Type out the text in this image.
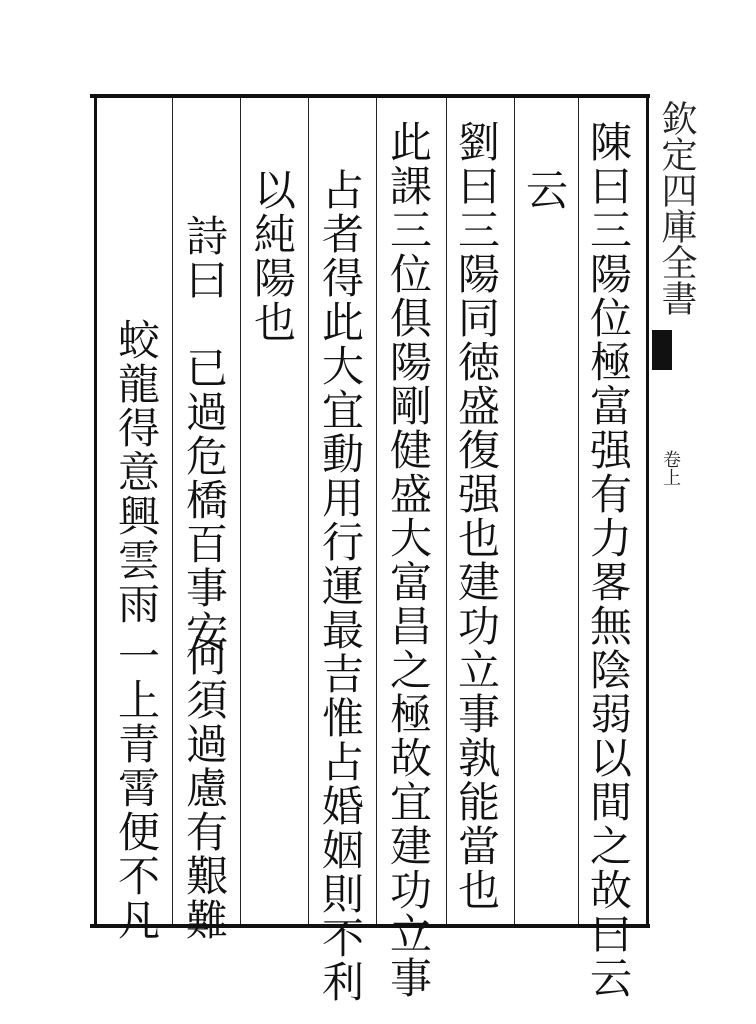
欽定四庫全書
卷上
陳曰三陽位極富强有力畧無陰弱以間之故曰云
云
劉曰三陽同徳盛復强也建功立事孰能當也
此課三位俱陽剛健盛大富昌之極故宜建功立事
占者得此大宜動用行運最吉惟占婚姻則不利
以純陽也
詩曰　已過危橋百事安
何須過慮有艱難
蛟龍得意興雲雨
一上青霄便不凡
